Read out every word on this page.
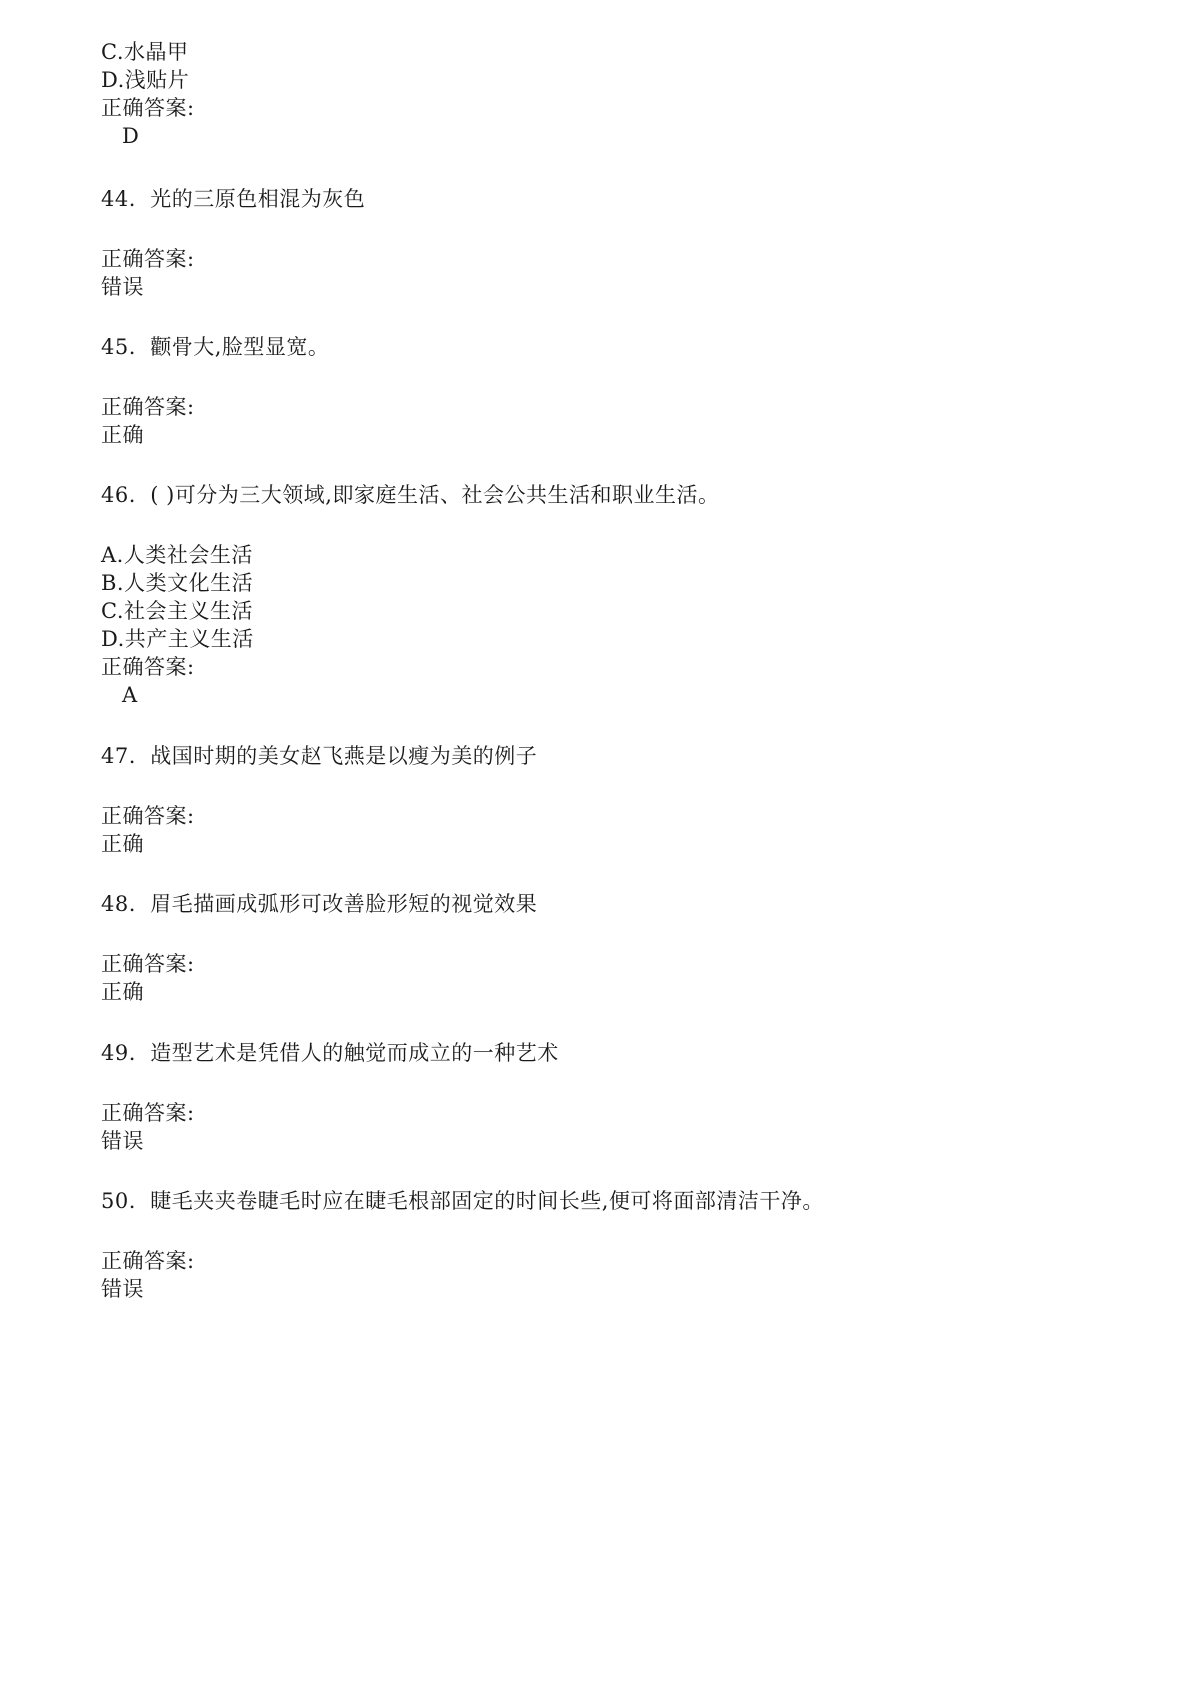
C.水晶甲
D.浅贴片
正确答案:
D
44.  光的三原色相混为灰色
正确答案:
错误
45.  颧骨大,脸型显宽。
正确答案:
正确
46.  ( )可分为三大领域,即家庭生活、社会公共生活和职业生活。
A.人类社会生活
B.人类文化生活
C.社会主义生活
D.共产主义生活
正确答案:
A
47.  战国时期的美女赵飞燕是以瘦为美的例子
正确答案:
正确
48.  眉毛描画成弧形可改善脸形短的视觉效果
正确答案:
正确
49.  造型艺术是凭借人的触觉而成立的一种艺术
正确答案:
错误
50.  睫毛夹夹卷睫毛时应在睫毛根部固定的时间长些,便可将面部清洁干净。
正确答案:
错误
